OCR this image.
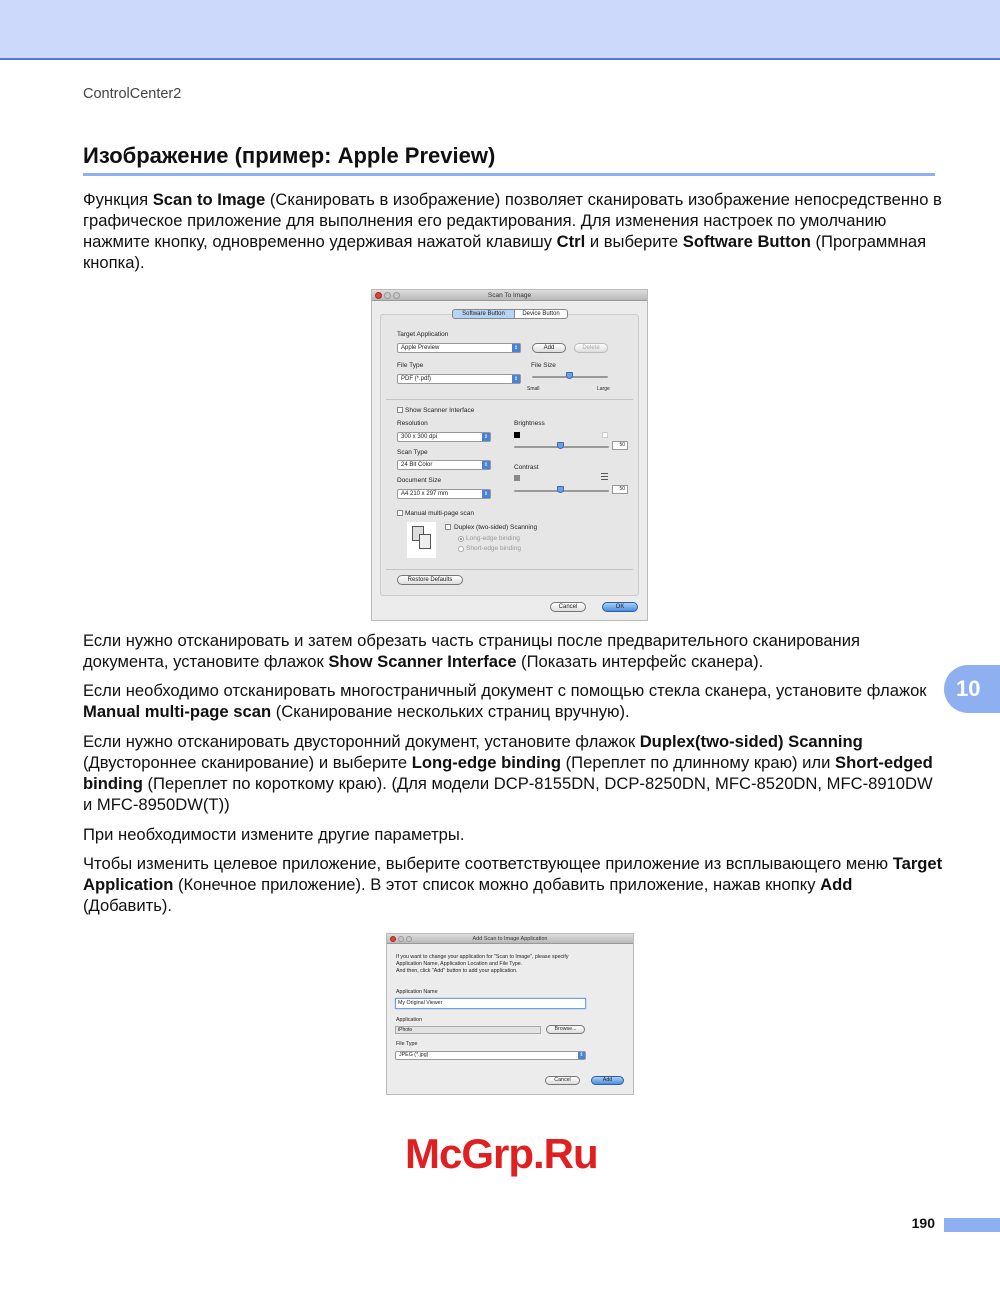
ControlCenter2
Изображение (пример: Apple Preview)
Функция Scan to Image (Сканировать в изображение) позволяет сканировать изображение непосредственно в графическое приложение для выполнения его редактирования. Для изменения настроек по умолчанию нажмите кнопку, одновременно удерживая нажатой клавишу Ctrl и выберите Software Button (Программная кнопка).
Scan To Image
Software Button	Device Button
Target Application
Apple Preview	⇕	Add	Delete
File Type
PDF (*.pdf)	⇕
File Size
Small	Large
Show Scanner Interface
Resolution
300 x 300 dpi	⇕
Scan Type
24 Bit Color	⇕
Document Size
A4 210 x 297 mm	⇕
Brightness
50
Contrast
50
Manual multi-page scan
Duplex (two-sided) Scanning
Long-edge binding
Short-edge binding
Restore Defaults
Cancel	OK
Если нужно отсканировать и затем обрезать часть страницы после предварительного сканирования документа, установите флажок Show Scanner Interface (Показать интерфейс сканера).
Если необходимо отсканировать многостраничный документ с помощью стекла сканера, установите флажок Manual multi-page scan (Сканирование нескольких страниц вручную).
Если нужно отсканировать двусторонний документ, установите флажок Duplex(two-sided) Scanning (Двустороннее сканирование) и выберите Long-edge binding (Переплет по длинному краю) или Short-edged binding (Переплет по короткому краю). (Для модели DCP-8155DN, DCP-8250DN, MFC-8520DN, MFC-8910DW и MFC-8950DW(T))
При необходимости измените другие параметры.
Чтобы изменить целевое приложение, выберите соответствующее приложение из всплывающего меню Target Application (Конечное приложение). В этот список можно добавить приложение, нажав кнопку Add (Добавить).
Add Scan to Image Application
If you want to change your application for "Scan to Image", please specify
Application Name, Application Location and File Type.
And then, click "Add" button to add your application.
Application Name
My Original Viewer
Application
iPhoto	Browse...
File Type
JPEG (*.jpg)	⇕
Cancel	Add
McGrp.Ru
10
190
